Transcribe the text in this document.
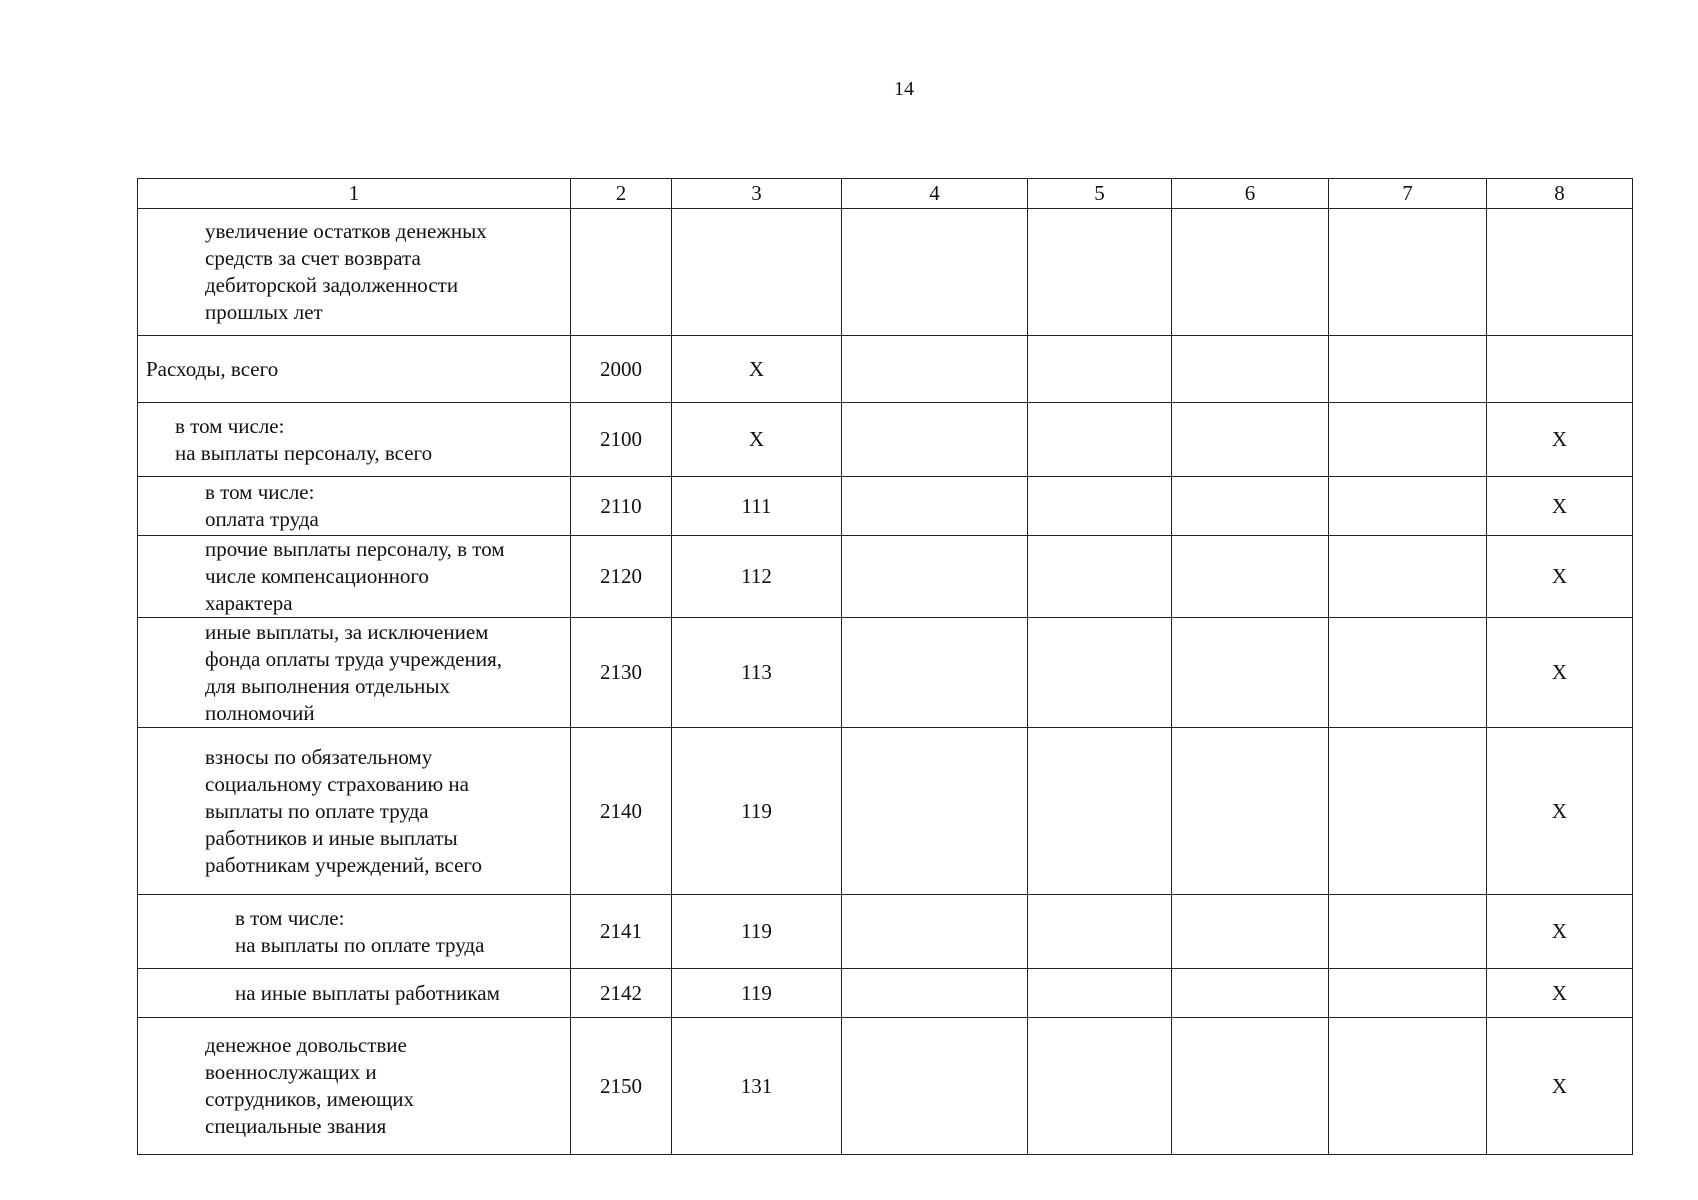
14
1	2	3	4	5	6	7	8

увеличение остатков денежных
средств за счет возврата
дебиторской задолженности
прошлых лет							

Расходы, всего	2000	X					

в том числе:
на выплаты персоналу, всего	2100	X					X

в том числе:
оплата труда	2110	111					X

прочие выплаты персоналу, в том
числе компенсационного
характера	2120	112					X

иные выплаты, за исключением
фонда оплаты труда учреждения,
для выполнения отдельных
полномочий	2130	113					X

взносы по обязательному
социальному страхованию на
выплаты по оплате труда
работников и иные выплаты
работникам учреждений, всего	2140	119					X

в том числе:
на выплаты по оплате труда	2141	119					X

на иные выплаты работникам	2142	119					X

денежное довольствие
военнослужащих и
сотрудников, имеющих
специальные звания	2150	131					X
